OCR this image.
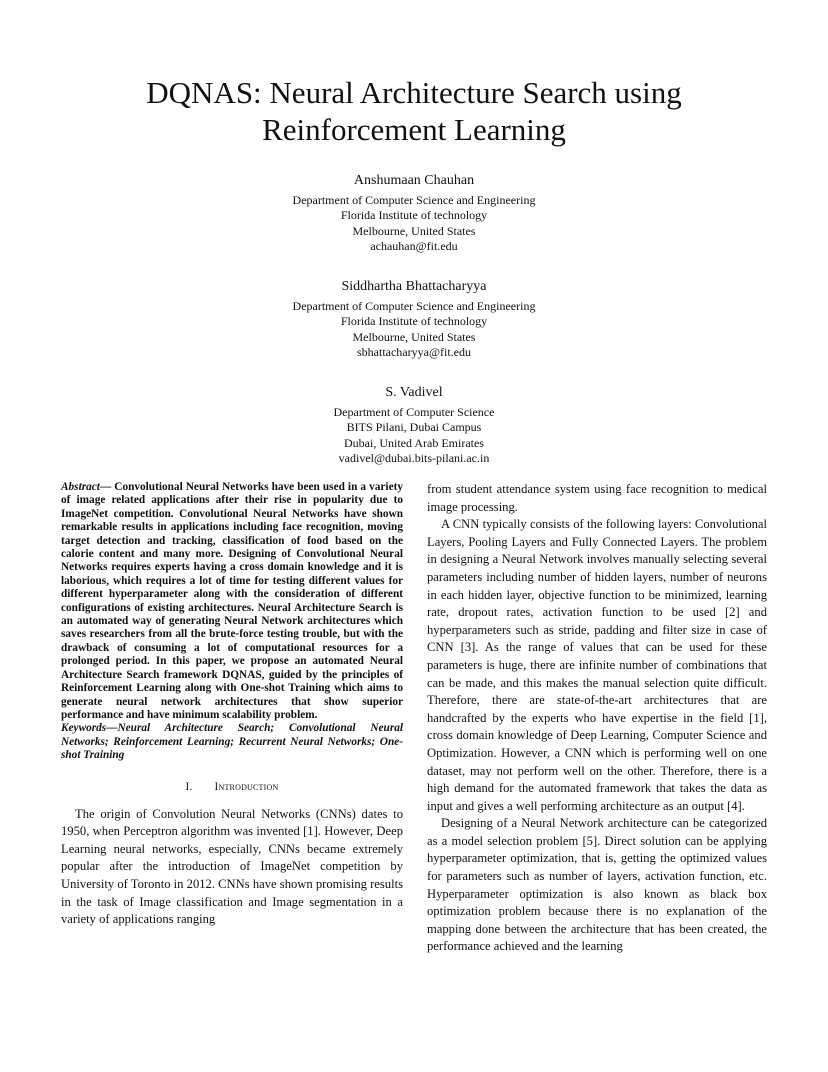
DQNAS: Neural Architecture Search using
Reinforcement Learning
Anshumaan Chauhan
Department of Computer Science and Engineering
Florida Institute of technology
Melbourne, United States
achauhan@fit.edu
Siddhartha Bhattacharyya
Department of Computer Science and Engineering
Florida Institute of technology
Melbourne, United States
sbhattacharyya@fit.edu
S. Vadivel
Department of Computer Science
BITS Pilani, Dubai Campus
Dubai, United Arab Emirates
vadivel@dubai.bits-pilani.ac.in

Abstract— Convolutional Neural Networks have been used in a variety of image related applications after their rise in popularity due to ImageNet competition. Convolutional Neural Networks have shown remarkable results in applications including face recognition, moving target detection and tracking, classification of food based on the calorie content and many more. Designing of Convolutional Neural Networks requires experts having a cross domain knowledge and it is laborious, which requires a lot of time for testing different values for different hyperparameter along with the consideration of different configurations of existing architectures. Neural Architecture Search is an automated way of generating Neural Network architectures which saves researchers from all the brute-force testing trouble, but with the drawback of consuming a lot of computational resources for a prolonged period. In this paper, we propose an automated Neural Architecture Search framework DQNAS, guided by the principles of Reinforcement Learning along with One-shot Training which aims to generate neural network architectures that show superior performance and have minimum scalability problem.

Keywords—Neural Architecture Search; Convolutional Neural Networks; Reinforcement Learning; Recurrent Neural Networks; One-shot Training

I. Introduction

The origin of Convolution Neural Networks (CNNs) dates to 1950, when Perceptron algorithm was invented [1]. However, Deep Learning neural networks, especially, CNNs became extremely popular after the introduction of ImageNet competition by University of Toronto in 2012. CNNs have shown promising results in the task of Image classification and Image segmentation in a variety of applications ranging

from student attendance system using face recognition to medical image processing.

A CNN typically consists of the following layers: Convolutional Layers, Pooling Layers and Fully Connected Layers. The problem in designing a Neural Network involves manually selecting several parameters including number of hidden layers, number of neurons in each hidden layer, objective function to be minimized, learning rate, dropout rates, activation function to be used [2] and hyperparameters such as stride, padding and filter size in case of CNN [3]. As the range of values that can be used for these parameters is huge, there are infinite number of combinations that can be made, and this makes the manual selection quite difficult. Therefore, there are state-of-the-art architectures that are handcrafted by the experts who have expertise in the field [1], cross domain knowledge of Deep Learning, Computer Science and Optimization. However, a CNN which is performing well on one dataset, may not perform well on the other. Therefore, there is a high demand for the automated framework that takes the data as input and gives a well performing architecture as an output [4].

Designing of a Neural Network architecture can be categorized as a model selection problem [5]. Direct solution can be applying hyperparameter optimization, that is, getting the optimized values for parameters such as number of layers, activation function, etc. Hyperparameter optimization is also known as black box optimization problem because there is no explanation of the mapping done between the architecture that has been created, the performance achieved and the learning
